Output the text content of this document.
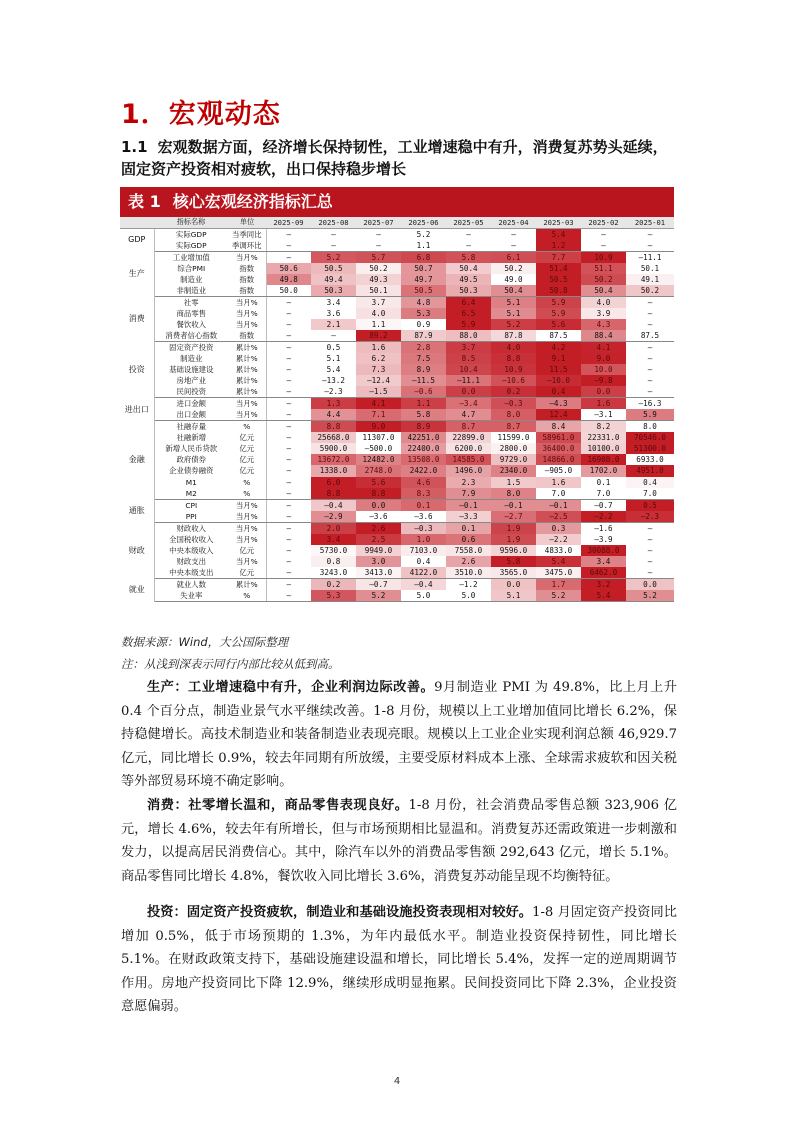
1．宏观动态
1.1 宏观数据方面，经济增长保持韧性，工业增速稳中有升，消费复苏势头延续，固定资产投资相对疲软，出口保持稳步增长
表 1 核心宏观经济指标汇总
	指标名称	单位	2025-09	2025-08	2025-07	2025-06	2025-05	2025-04	2025-03	2025-02	2025-01
GDP	实际GDP	当季同比	–	–	–	5.2	–	–	5.4	–	–
	实际GDP	季调环比	–	–	–	1.1	–	–	1.2	–	–
生产	工业增加值	当月%	–	5.2	5.7	6.8	5.8	6.1	7.7	10.9	–11.1
	综合PMI	指数	50.6	50.5	50.2	50.7	50.4	50.2	51.4	51.1	50.1
	制造业	指数	49.8	49.4	49.3	49.7	49.5	49.0	50.5	50.2	49.1
	非制造业	指数	50.0	50.3	50.1	50.5	50.3	50.4	50.8	50.4	50.2
消费	社零	当月%	–	3.4	3.7	4.8	6.4	5.1	5.9	4.0	–
	商品零售	当月%	–	3.6	4.0	5.3	6.5	5.1	5.9	3.9	–
	餐饮收入	当月%	–	2.1	1.1	0.9	5.9	5.2	5.6	4.3	–
	消费者信心指数	指数	–	–	89.2	87.9	88.0	87.8	87.5	88.4	87.5
投资	固定资产投资	累计%	–	0.5	1.6	2.8	3.7	4.0	4.2	4.1	–
	制造业	累计%	–	5.1	6.2	7.5	8.5	8.8	9.1	9.0	–
	基础设施建设	累计%	–	5.4	7.3	8.9	10.4	10.9	11.5	10.0	–
	房地产业	累计%	–	–13.2	–12.4	–11.5	–11.1	–10.6	–10.0	–9.8	–
	民间投资	累计%	–	–2.3	–1.5	–0.6	0.0	0.2	0.4	0.0	–
进出口	进口金额	当月%	–	1.3	4.1	1.1	–3.4	–0.3	–4.3	1.6	–16.3
	出口金额	当月%	–	4.4	7.1	5.8	4.7	8.0	12.4	–3.1	5.9
金融	社融存量	%	–	8.8	9.0	8.9	8.7	8.7	8.4	8.2	8.0
	社融新增	亿元	–	25668.0	11307.0	42251.0	22899.0	11599.0	58961.0	22331.0	70546.0
	新增人民币贷款	亿元	–	5900.0	–500.0	22400.0	6200.0	2800.0	36400.0	10100.0	51300.0
	政府债券	亿元	–	13672.0	12482.0	13508.0	14585.0	9729.0	14866.0	16908.0	6933.0
	企业债券融资	亿元	–	1338.0	2748.0	2422.0	1496.0	2340.0	–905.0	1702.0	4951.0
	M1	%	–	6.0	5.6	4.6	2.3	1.5	1.6	0.1	0.4
	M2	%	–	8.8	8.8	8.3	7.9	8.0	7.0	7.0	7.0
通胀	CPI	当月%	–	–0.4	0.0	0.1	–0.1	–0.1	–0.1	–0.7	0.5
	PPI	当月%	–	–2.9	–3.6	–3.6	–3.3	–2.7	–2.5	–2.2	–2.3
财政	财政收入	当月%	–	2.0	2.6	–0.3	0.1	1.9	0.3	–1.6	–
	全国税收收入	当月%	–	3.4	2.5	1.0	0.6	1.9	–2.2	–3.9	–
	中央本级收入	亿元	–	5730.0	9949.0	7103.0	7558.0	9596.0	4833.0	30088.0	–
	财政支出	当月%	–	0.8	3.0	0.4	2.6	5.8	5.4	3.4	–
	中央本级支出	亿元	–	3243.0	3413.0	4122.0	3510.0	3565.0	3475.0	6462.0	–
就业	就业人数	累计%	–	0.2	–0.7	–0.4	–1.2	0.0	1.7	3.2	0.0
	失业率	%	–	5.3	5.2	5.0	5.0	5.1	5.2	5.4	5.2
数据来源：Wind，大公国际整理
注：从浅到深表示同行内部比较从低到高。
生产：工业增速稳中有升，企业利润边际改善。9月制造业 PMI 为 49.8%，比上月上升 0.4 个百分点，制造业景气水平继续改善。1-8 月份，规模以上工业增加值同比增长 6.2%，保持稳健增长。高技术制造业和装备制造业表现亮眼。规模以上工业企业实现利润总额 46,929.7 亿元，同比增长 0.9%，较去年同期有所放缓，主要受原材料成本上涨、全球需求疲软和因关税等外部贸易环境不确定影响。
消费：社零增长温和，商品零售表现良好。1-8 月份，社会消费品零售总额 323,906 亿元，增长 4.6%，较去年有所增长，但与市场预期相比显温和。消费复苏还需政策进一步刺激和发力，以提高居民消费信心。其中，除汽车以外的消费品零售额 292,643 亿元，增长 5.1%。商品零售同比增长 4.8%，餐饮收入同比增长 3.6%，消费复苏动能呈现不均衡特征。
投资：固定资产投资疲软，制造业和基础设施投资表现相对较好。1-8 月固定资产投资同比增加 0.5%，低于市场预期的 1.3%，为年内最低水平。制造业投资保持韧性，同比增长 5.1%。在财政政策支持下，基础设施建设温和增长，同比增长 5.4%，发挥一定的逆周期调节作用。房地产投资同比下降 12.9%，继续形成明显拖累。民间投资同比下降 2.3%，企业投资意愿偏弱。
4
